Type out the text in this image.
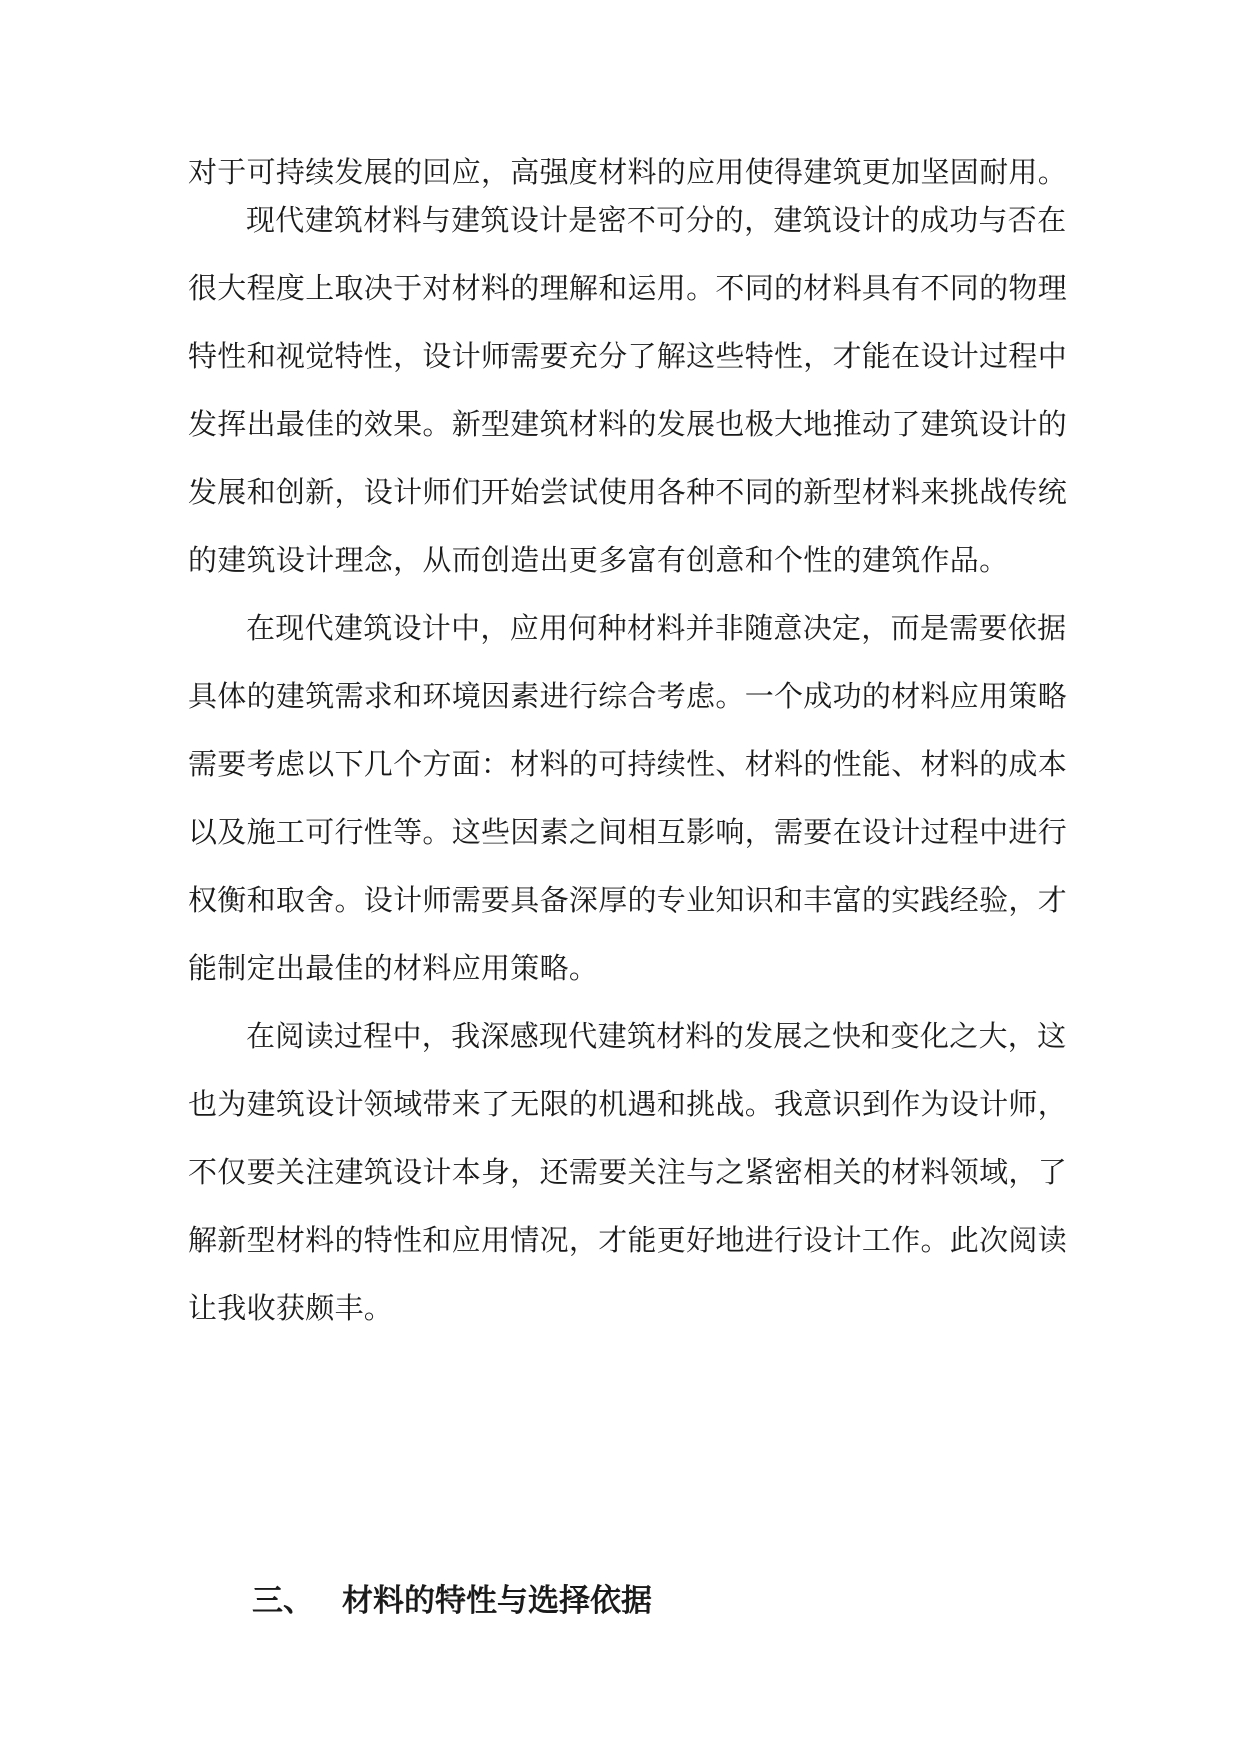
对于可持续发展的回应，高强度材料的应用使得建筑更加坚固耐用。
现代建筑材料与建筑设计是密不可分的，建筑设计的成功与否在
很大程度上取决于对材料的理解和运用。不同的材料具有不同的物理
特性和视觉特性，设计师需要充分了解这些特性，才能在设计过程中
发挥出最佳的效果。新型建筑材料的发展也极大地推动了建筑设计的
发展和创新，设计师们开始尝试使用各种不同的新型材料来挑战传统
的建筑设计理念，从而创造出更多富有创意和个性的建筑作品。
在现代建筑设计中，应用何种材料并非随意决定，而是需要依据
具体的建筑需求和环境因素进行综合考虑。一个成功的材料应用策略
需要考虑以下几个方面：材料的可持续性、材料的性能、材料的成本
以及施工可行性等。这些因素之间相互影响，需要在设计过程中进行
权衡和取舍。设计师需要具备深厚的专业知识和丰富的实践经验，才
能制定出最佳的材料应用策略。
在阅读过程中，我深感现代建筑材料的发展之快和变化之大，这
也为建筑设计领域带来了无限的机遇和挑战。我意识到作为设计师，
不仅要关注建筑设计本身，还需要关注与之紧密相关的材料领域，了
解新型材料的特性和应用情况，才能更好地进行设计工作。此次阅读
让我收获颇丰。
三、 材料的特性与选择依据
